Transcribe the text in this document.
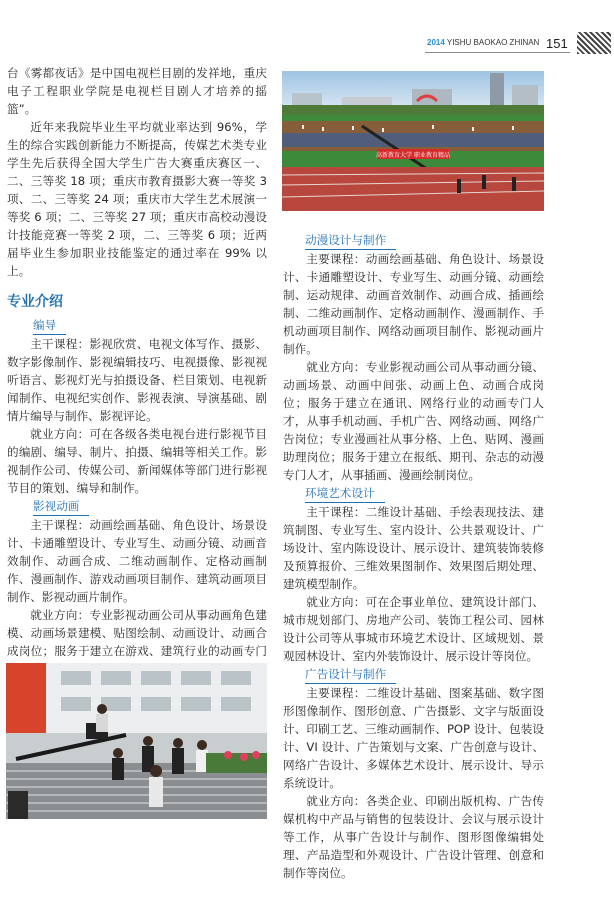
2014 YISHU BAOKAO ZHINAN 151

台《雾都夜话》是中国电视栏目剧的发祥地，重庆电子工程职业学院是电视栏目剧人才培养的摇篮”。

近年来我院毕业生平均就业率达到 96%，学生的综合实践创新能力不断提高，传媒艺术类专业学生先后获得全国大学生广告大赛重庆赛区一、二、三等奖 18 项；重庆市教育摄影大赛一等奖 3 项、二、三等奖 24 项；重庆市大学生艺术展演一等奖 6 项；二、三等奖 27 项；重庆市高校动漫设计技能竞赛一等奖 2 项，二、三等奖 6 项；近两届毕业生参加职业技能鉴定的通过率在 99% 以上。

专业介绍
编导

主干课程：影视欣赏、电视文体写作、摄影、数字影像制作、影视编辑技巧、电视摄像、影视视听语言、影视灯光与拍摄设备、栏目策划、电视新闻制作、电视纪实创作、影视表演、导演基础、剧情片编导与制作、影视评论。

就业方向：可在各级各类电视台进行影视节目的编剧、编导、制片、拍摄、编辑等相关工作。影视制作公司、传媒公司、新闻媒体等部门进行影视节目的策划、编导和制作。

影视动画

主干课程：动画绘画基础、角色设计、场景设计、卡通雕塑设计、专业写生、动画分镜、动画音效制作、动画合成、二维动画制作、定格动画制作、漫画制作、游戏动画项目制作、建筑动画项目制作、影视动画片制作。

就业方向：专业影视动画公司从事动画角色建模、动画场景建模、贴图绘制、动画设计、动画合成岗位；服务于建立在游戏、建筑行业的动画专门

高新教育大学 职业教育精品
动漫设计与制作

主要课程：动画绘画基础、角色设计、场景设计、卡通雕塑设计、专业写生、动画分镜、动画绘制、运动规律、动画音效制作、动画合成、插画绘制、二维动画制作、定格动画制作、漫画制作、手机动画项目制作、网络动画项目制作、影视动画片制作。

就业方向：专业影视动画公司从事动画分镜、动画场景、动画中间张、动画上色、动画合成岗位；服务于建立在通讯、网络行业的动画专门人才，从事手机动画、手机广告、网络动画、网络广告岗位；专业漫画社从事分格、上色、贴网、漫画助理岗位；服务于建立在报纸、期刊、杂志的动漫专门人才，从事插画、漫画绘制岗位。

环境艺术设计

主干课程：二维设计基础、手绘表现技法、建筑制图、专业写生、室内设计、公共景观设计、广场设计、室内陈设设计、展示设计、建筑装饰装修及预算报价、三维效果图制作、效果图后期处理、建筑模型制作。

就业方向：可在企事业单位、建筑设计部门、城市规划部门、房地产公司、装饰工程公司、园林设计公司等从事城市环境艺术设计、区域规划、景观园林设计、室内外装饰设计、展示设计等岗位。

广告设计与制作

主要课程：二维设计基础、图案基础、数字图形图像制作、图形创意、广告摄影、文字与版面设计、印刷工艺、三维动画制作、POP 设计、包装设计、VI 设计、广告策划与文案、广告创意与设计、网络广告设计、多媒体艺术设计、展示设计、导示系统设计。

就业方向：各类企业、印刷出版机构、广告传媒机构中产品与销售的包装设计、会议与展示设计等工作，从事广告设计与制作、图形图像编辑处理、产品造型和外观设计、广告设计管理、创意和制作等岗位。
